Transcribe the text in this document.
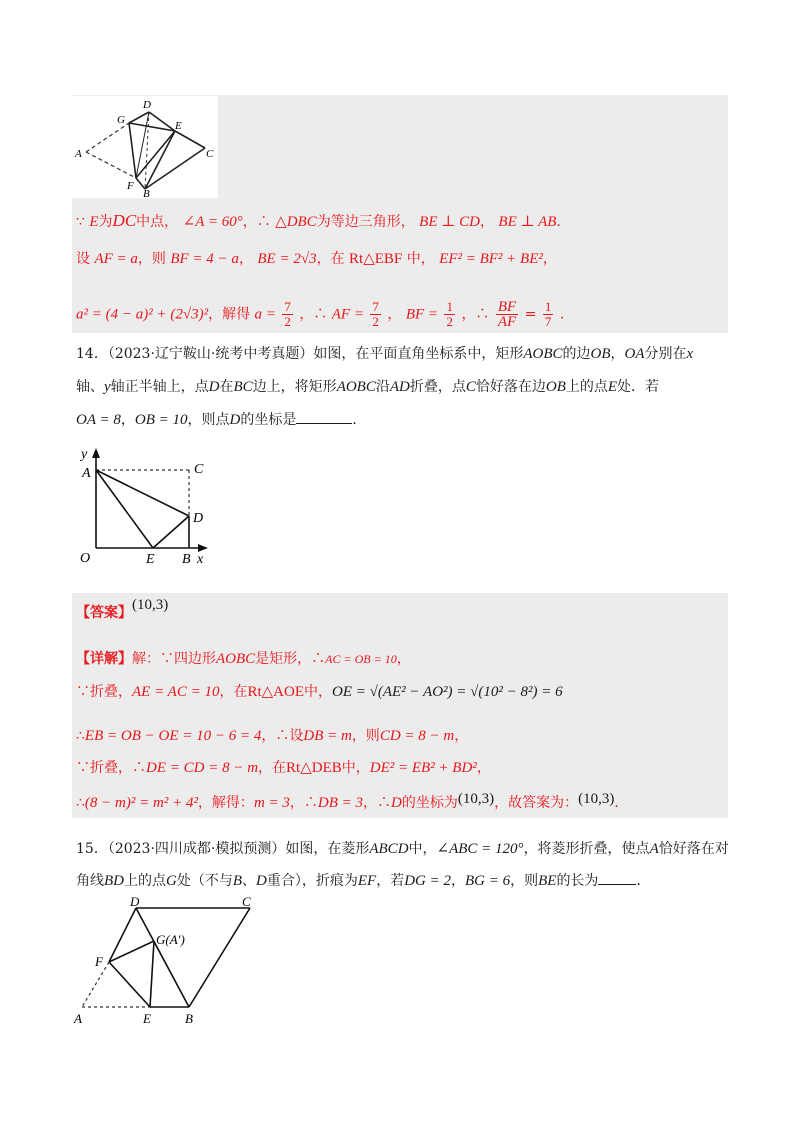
D
G	E
A	C
F
B
∵ E为DC中点， ∠A = 60°，∴ △DBC为等边三角形， BE ⊥ CD， BE ⊥ AB.
设 AF = a，则 BF = 4 − a， BE = 2√3，在 Rt△EBF 中， EF² = BF² + BE²，
a² = (4 − a)² + (2√3)²，解得 $a = \frac{7}{2}$ ，∴ AF = $\frac{7}{2}$ ， BF = $\frac{1}{2}$ ，∴ $\frac{BF}{AF} = \frac{1}{7}$ .
14．（2023·辽宁鞍山·统考中考真题）如图，在平面直角坐标系中，矩形AOBC的边OB，OA分别在x
轴、y轴正半轴上，点D在BC边上，将矩形AOBC沿AD折叠，点C恰好落在边OB上的点E处．若
OA = 8，OB = 10，则点D的坐标是	．
y
A	C
D
O	E B x
【答案】(10,3)
【详解】解：∵四边形AOBC是矩形，∴AC = OB = 10，
∵折叠，AE = AC = 10，在Rt△AOE中，OE = √(AE² − AO²) = √(10² − 8²) = 6
∴EB = OB − OE = 10 − 6 = 4，∴设DB = m，则CD = 8 − m，
∵折叠，∴DE = CD = 8 − m，在Rt△DEB中，DE² = EB² + BD²，
∴(8 − m)² = m² + 4²，解得：m = 3，∴DB = 3，∴D的坐标为(10,3)，故答案为：(10,3)．
15．（2023·四川成都·模拟预测）如图，在菱形ABCD中，∠ABC = 120°，将菱形折叠，使点A恰好落在对
角线BD上的点G处（不与B、D重合），折痕为EF，若DG = 2，BG = 6，则BE的长为	．
D	C
G(A′)
F
A	E	B
